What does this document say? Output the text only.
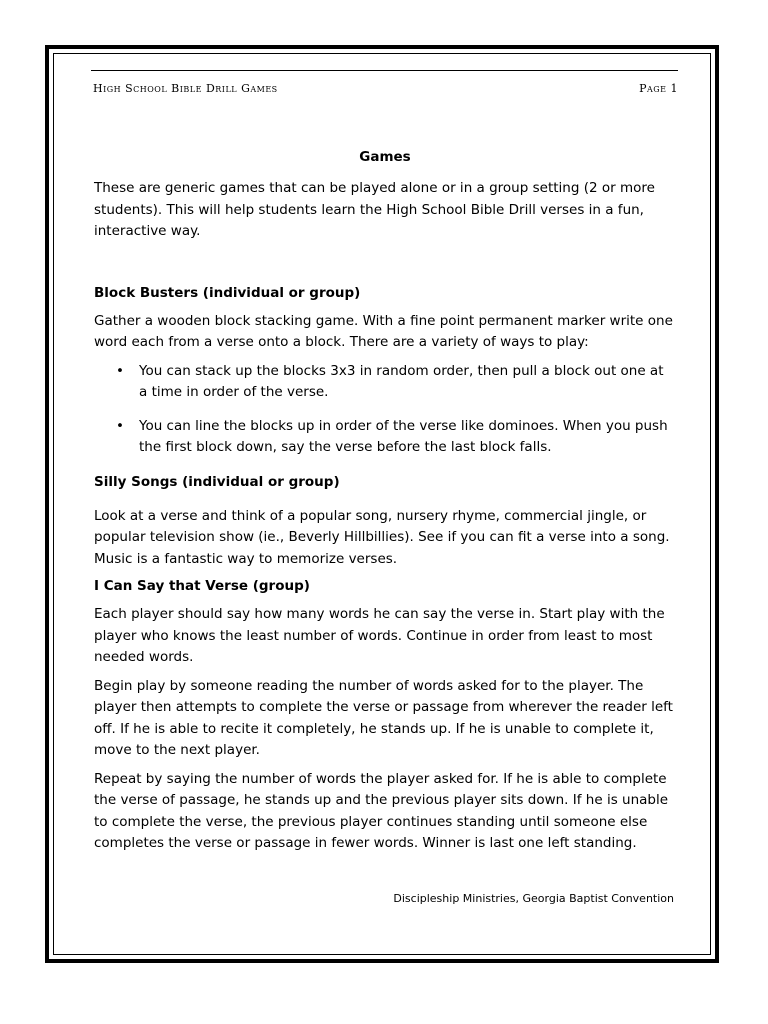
High School Bible Drill Games	Page 1
Games

These are generic games that can be played alone or in a group setting (2 or more students). This will help students learn the High School Bible Drill verses in a fun, interactive way.

Block Busters (individual or group)

Gather a wooden block stacking game. With a fine point permanent marker write one word each from a verse onto a block. There are a variety of ways to play:

• You can stack up the blocks 3x3 in random order, then pull a block out one at a time in order of the verse.
• You can line the blocks up in order of the verse like dominoes. When you push the first block down, say the verse before the last block falls.
Silly Songs (individual or group)

Look at a verse and think of a popular song, nursery rhyme, commercial jingle, or popular television show (ie., Beverly Hillbillies). See if you can fit a verse into a song. Music is a fantastic way to memorize verses.

I Can Say that Verse (group)

Each player should say how many words he can say the verse in. Start play with the player who knows the least number of words. Continue in order from least to most needed words.

Begin play by someone reading the number of words asked for to the player. The player then attempts to complete the verse or passage from wherever the reader left off. If he is able to recite it completely, he stands up. If he is unable to complete it, move to the next player.

Repeat by saying the number of words the player asked for. If he is able to complete the verse of passage, he stands up and the previous player sits down. If he is unable to complete the verse, the previous player continues standing until someone else completes the verse or passage in fewer words. Winner is last one left standing.

Discipleship Ministries, Georgia Baptist Convention
